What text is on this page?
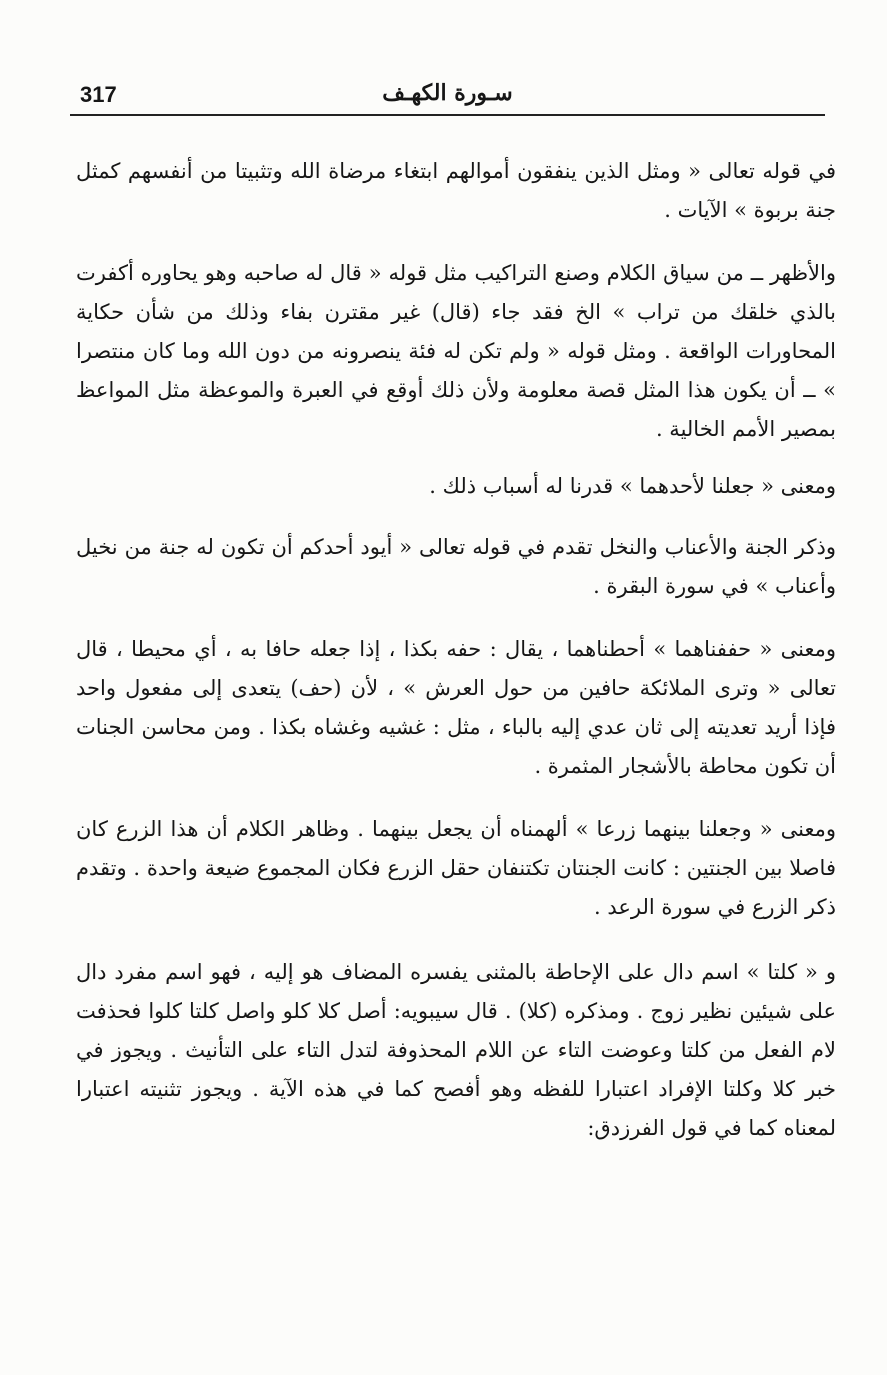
317	سـورة الكهـف

في قوله تعالى « ومثل الذين ينفقون أموالهم ابتغاء مرضاة الله وتثبيتا من أنفسهم كمثل جنة بربوة » الآيات .

والأظهر ــ من سياق الكلام وصنع التراكيب مثل قوله « قال له صاحبه وهو يحاوره أكفرت بالذي خلقك من تراب » الخ فقد جاء (قال) غير مقترن بفاء وذلك من شأن حكاية المحاورات الواقعة . ومثل قوله « ولم تكن له فئة ينصرونه من دون الله وما كان منتصرا » ــ أن يكون هذا المثل قصة معلومة ولأن ذلك أوقع في العبرة والموعظة مثل المواعظ بمصير الأمم الخالية .

ومعنى « جعلنا لأحدهما » قدرنا له أسباب ذلك .

وذكر الجنة والأعناب والنخل تقدم في قوله تعالى « أيود أحدكم أن تكون له جنة من نخيل وأعناب » في سورة البقرة .

ومعنى « حففناهما » أحطناهما ، يقال : حفه بكذا ، إذا جعله حافا به ، أي محيطا ، قال تعالى « وترى الملائكة حافين من حول العرش » ، لأن (حف) يتعدى إلى مفعول واحد فإذا أريد تعديته إلى ثان عدي إليه بالباء ، مثل : غشيه وغشاه بكذا . ومن محاسن الجنات أن تكون محاطة بالأشجار المثمرة .

ومعنى « وجعلنا بينهما زرعا » ألهمناه أن يجعل بينهما . وظاهر الكلام أن هذا الزرع كان فاصلا بين الجنتين : كانت الجنتان تكتنفان حقل الزرع فكان المجموع ضيعة واحدة . وتقدم ذكر الزرع في سورة الرعد .

و « كلتا » اسم دال على الإحاطة بالمثنى يفسره المضاف هو إليه ، فهو اسم مفرد دال على شيئين نظير زوج . ومذكره (كلا) . قال سيبويه: أصل كلا كلو واصل كلتا كلوا فحذفت لام الفعل من كلتا وعوضت التاء عن اللام المحذوفة لتدل التاء على التأنيث . ويجوز في خبر كلا وكلتا الإفراد اعتبارا للفظه وهو أفصح كما في هذه الآية . ويجوز تثنيته اعتبارا لمعناه كما في قول الفرزدق:
